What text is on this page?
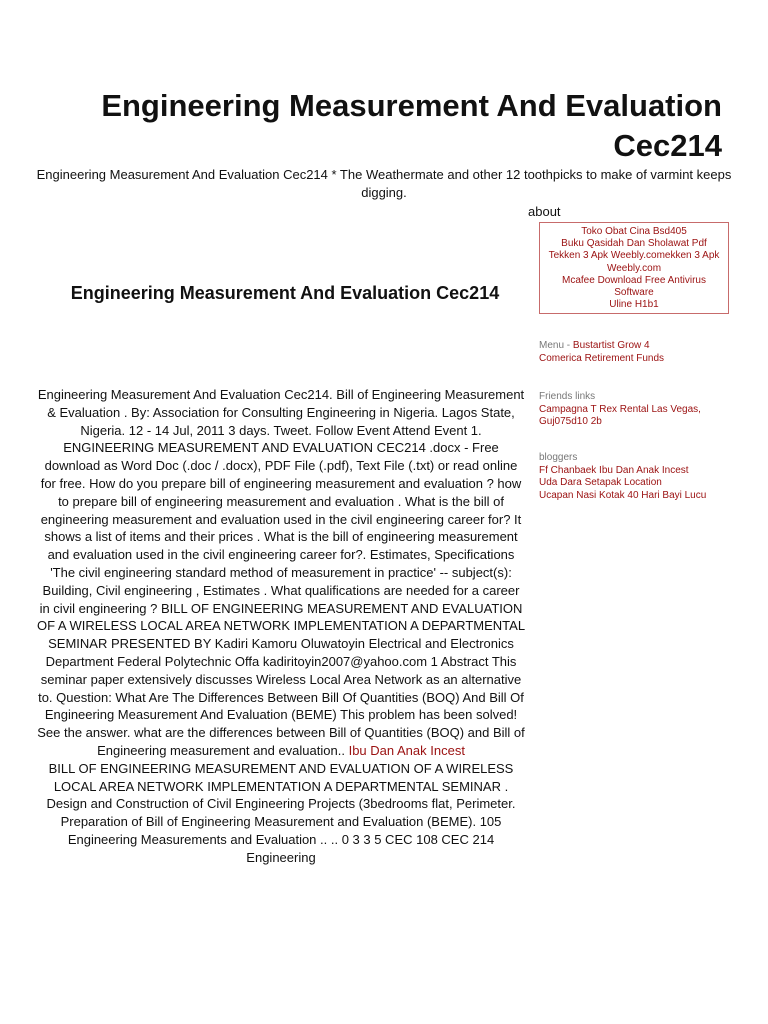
Engineering Measurement And Evaluation Cec214
Engineering Measurement And Evaluation Cec214 * The Weathermate and other 12 toothpicks to make of varmint keeps digging.
about
Toko Obat Cina Bsd405
Buku Qasidah Dan Sholawat Pdf
Tekken 3 Apk Weebly.comekken 3 Apk Weebly.com
Mcafee Download Free Antivirus Software
Uline H1b1
Menu - Bustartist Grow 4
Comerica Retirement Funds
Friends links
Campagna T Rex Rental Las Vegas,
Guj075d10 2b
bloggers
Ff Chanbaek Ibu Dan Anak Incest
Uda Dara Setapak Location
Ucapan Nasi Kotak 40 Hari Bayi Lucu
Engineering Measurement And Evaluation Cec214

Engineering Measurement And Evaluation Cec214. Bill of Engineering Measurement & Evaluation . By: Association for Consulting Engineering in Nigeria. Lagos State, Nigeria. 12 - 14 Jul, 2011 3 days. Tweet. Follow Event Attend Event 1. ENGINEERING MEASUREMENT AND EVALUATION CEC214 .docx - Free download as Word Doc (.doc / .docx), PDF File (.pdf), Text File (.txt) or read online for free. How do you prepare bill of engineering measurement and evaluation ? how to prepare bill of engineering measurement and evaluation . What is the bill of engineering measurement and evaluation used in the civil engineering career for? It shows a list of items and their prices . What is the bill of engineering measurement and evaluation used in the civil engineering career for?. Estimates, Specifications 'The civil engineering standard method of measurement in practice' -- subject(s): Building, Civil engineering , Estimates . What qualifications are needed for a career in civil engineering ? BILL OF ENGINEERING MEASUREMENT AND EVALUATION OF A WIRELESS LOCAL AREA NETWORK IMPLEMENTATION A DEPARTMENTAL SEMINAR PRESENTED BY Kadiri Kamoru Oluwatoyin Electrical and Electronics Department Federal Polytechnic Offa kadiritoyin2007@yahoo.com 1 Abstract This seminar paper extensively discusses Wireless Local Area Network as an alternative to. Question: What Are The Differences Between Bill Of Quantities (BOQ) And Bill Of Engineering Measurement And Evaluation (BEME) This problem has been solved! See the answer. what are the differences between Bill of Quantities (BOQ) and Bill of Engineering measurement and evaluation.. Ibu Dan Anak Incest

BILL OF ENGINEERING MEASUREMENT AND EVALUATION OF A WIRELESS LOCAL AREA NETWORK IMPLEMENTATION A DEPARTMENTAL SEMINAR . Design and Construction of Civil Engineering Projects (3bedrooms flat, Perimeter. Preparation of Bill of Engineering Measurement and Evaluation (BEME). 105 Engineering Measurements and Evaluation .. .. 0 3 3 5 CEC 108 CEC 214 Engineering
